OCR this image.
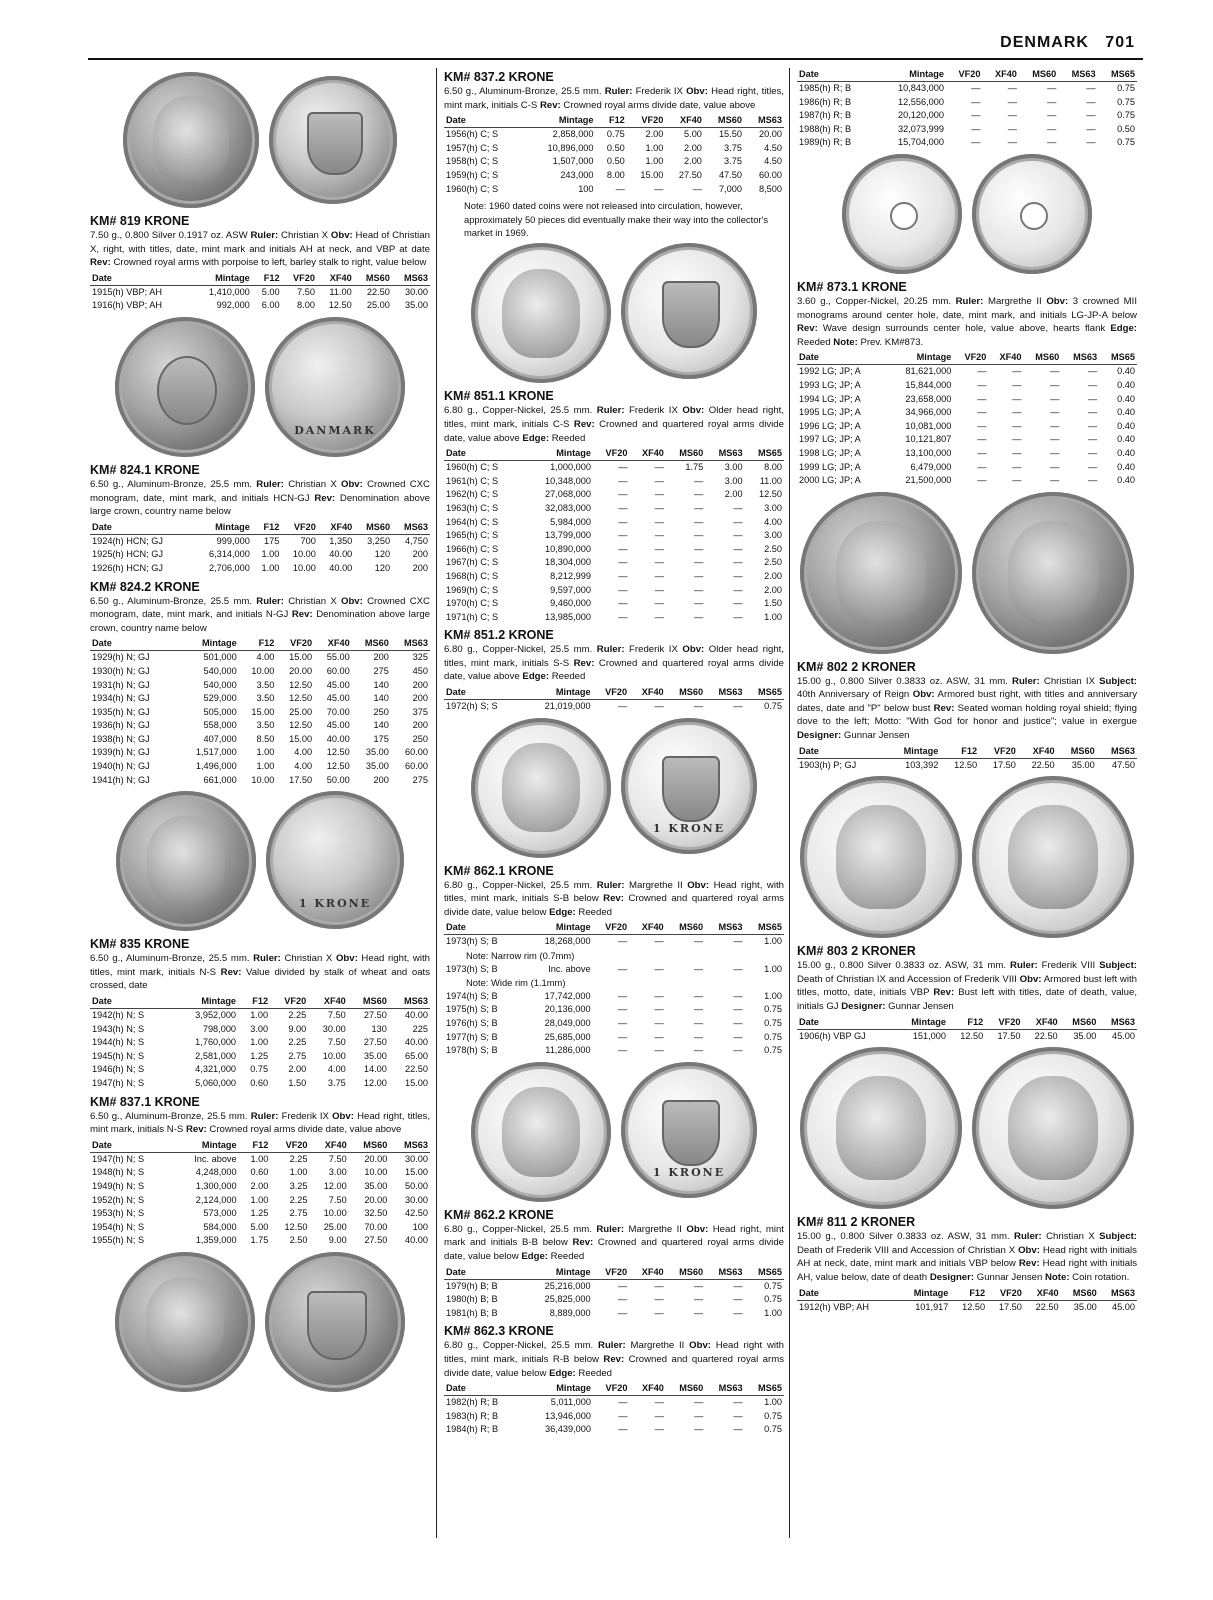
DENMARK 701
KM# 819 KRONE
7.50 g., 0.800 Silver 0.1917 oz. ASW Ruler: Christian X Obv: Head of Christian X, right, with titles, date, mint mark and initials AH at neck, and VBP at date Rev: Crowned royal arms with porpoise to left, barley stalk to right, value below
Date	Mintage	F12	VF20	XF40	MS60	MS63
1915(h) VBP; AH	1,410,000	5.00	7.50	11.00	22.50	30.00
1916(h) VBP; AH	992,000	6.00	8.00	12.50	25.00	35.00
DANMARK
KM# 824.1 KRONE
6.50 g., Aluminum-Bronze, 25.5 mm. Ruler: Christian X Obv: Crowned CXC monogram, date, mint mark, and initials HCN-GJ Rev: Denomination above large crown, country name below
Date	Mintage	F12	VF20	XF40	MS60	MS63
1924(h) HCN; GJ	999,000	175	700	1,350	3,250	4,750
1925(h) HCN; GJ	6,314,000	1.00	10.00	40.00	120	200
1926(h) HCN; GJ	2,706,000	1.00	10.00	40.00	120	200
KM# 824.2 KRONE
6.50 g., Aluminum-Bronze, 25.5 mm. Ruler: Christian X Obv: Crowned CXC monogram, date, mint mark, and initials N-GJ Rev: Denomination above large crown, country name below
Date	Mintage	F12	VF20	XF40	MS60	MS63
1929(h) N; GJ	501,000	4.00	15.00	55.00	200	325
1930(h) N; GJ	540,000	10.00	20.00	60.00	275	450
1931(h) N; GJ	540,000	3.50	12.50	45.00	140	200
1934(h) N; GJ	529,000	3.50	12.50	45.00	140	200
1935(h) N; GJ	505,000	15.00	25.00	70.00	250	375
1936(h) N; GJ	558,000	3.50	12.50	45.00	140	200
1938(h) N; GJ	407,000	8.50	15.00	40.00	175	250
1939(h) N; GJ	1,517,000	1.00	4.00	12.50	35.00	60.00
1940(h) N; GJ	1,496,000	1.00	4.00	12.50	35.00	60.00
1941(h) N; GJ	661,000	10.00	17.50	50.00	200	275
1 KRONE
KM# 835 KRONE
6.50 g., Aluminum-Bronze, 25.5 mm. Ruler: Christian X Obv: Head right, with titles, mint mark, initials N-S Rev: Value divided by stalk of wheat and oats crossed, date
Date	Mintage	F12	VF20	XF40	MS60	MS63
1942(h) N; S	3,952,000	1.00	2.25	7.50	27.50	40.00
1943(h) N; S	798,000	3.00	9.00	30.00	130	225
1944(h) N; S	1,760,000	1.00	2.25	7.50	27.50	40.00
1945(h) N; S	2,581,000	1.25	2.75	10.00	35.00	65.00
1946(h) N; S	4,321,000	0.75	2.00	4.00	14.00	22.50
1947(h) N; S	5,060,000	0.60	1.50	3.75	12.00	15.00
KM# 837.1 KRONE
6.50 g., Aluminum-Bronze, 25.5 mm. Ruler: Frederik IX Obv: Head right, titles, mint mark, initials N-S Rev: Crowned royal arms divide date, value above
Date	Mintage	F12	VF20	XF40	MS60	MS63
1947(h) N; S	Inc. above	1.00	2.25	7.50	20.00	30.00
1948(h) N; S	4,248,000	0.60	1.00	3.00	10.00	15.00
1949(h) N; S	1,300,000	2.00	3.25	12.00	35.00	50.00
1952(h) N; S	2,124,000	1.00	2.25	7.50	20.00	30.00
1953(h) N; S	573,000	1.25	2.75	10.00	32.50	42.50
1954(h) N; S	584,000	5.00	12.50	25.00	70.00	100
1955(h) N; S	1,359,000	1.75	2.50	9.00	27.50	40.00
KM# 837.2 KRONE
6.50 g., Aluminum-Bronze, 25.5 mm. Ruler: Frederik IX Obv: Head right, titles, mint mark, initials C-S Rev: Crowned royal arms divide date, value above
Date	Mintage	F12	VF20	XF40	MS60	MS63
1956(h) C; S	2,858,000	0.75	2.00	5.00	15.50	20.00
1957(h) C; S	10,896,000	0.50	1.00	2.00	3.75	4.50
1958(h) C; S	1,507,000	0.50	1.00	2.00	3.75	4.50
1959(h) C; S	243,000	8.00	15.00	27.50	47.50	60.00
1960(h) C; S	100	—	—	—	7,000	8,500
Note: 1960 dated coins were not released into circulation, however, approximately 50 pieces did eventually make their way into the collector's market in 1969.
KM# 851.1 KRONE
6.80 g., Copper-Nickel, 25.5 mm. Ruler: Frederik IX Obv: Older head right, titles, mint mark, initials C-S Rev: Crowned and quartered royal arms divide date, value above Edge: Reeded
Date	Mintage	VF20	XF40	MS60	MS63	MS65
1960(h) C; S	1,000,000	—	—	1.75	3.00	8.00
1961(h) C; S	10,348,000	—	—	—	3.00	11.00
1962(h) C; S	27,068,000	—	—	—	2.00	12.50
1963(h) C; S	32,083,000	—	—	—	—	3.00
1964(h) C; S	5,984,000	—	—	—	—	4.00
1965(h) C; S	13,799,000	—	—	—	—	3.00
1966(h) C; S	10,890,000	—	—	—	—	2.50
1967(h) C; S	18,304,000	—	—	—	—	2.50
1968(h) C; S	8,212,999	—	—	—	—	2.00
1969(h) C; S	9,597,000	—	—	—	—	2.00
1970(h) C; S	9,460,000	—	—	—	—	1.50
1971(h) C; S	13,985,000	—	—	—	—	1.00
KM# 851.2 KRONE
6.80 g., Copper-Nickel, 25.5 mm. Ruler: Frederik IX Obv: Older head right, titles, mint mark, initials S-S Rev: Crowned and quartered royal arms divide date, value above Edge: Reeded
Date	Mintage	VF20	XF40	MS60	MS63	MS65
1972(h) S; S	21,019,000	—	—	—	—	0.75
1 KRONE
KM# 862.1 KRONE
6.80 g., Copper-Nickel, 25.5 mm. Ruler: Margrethe II Obv: Head right, with titles, mint mark, initials S-B below Rev: Crowned and quartered royal arms divide date, value below Edge: Reeded
Date	Mintage	VF20	XF40	MS60	MS63	MS65
1973(h) S; B	18,268,000	—	—	—	—	1.00
Note: Narrow rim (0.7mm)						
1973(h) S; B	Inc. above	—	—	—	—	1.00
Note: Wide rim (1.1mm)						
1974(h) S; B	17,742,000	—	—	—	—	1.00
1975(h) S; B	20,136,000	—	—	—	—	0.75
1976(h) S; B	28,049,000	—	—	—	—	0.75
1977(h) S; B	25,685,000	—	—	—	—	0.75
1978(h) S; B	11,286,000	—	—	—	—	0.75
1 KRONE
KM# 862.2 KRONE
6.80 g., Copper-Nickel, 25.5 mm. Ruler: Margrethe II Obv: Head right, mint mark and initials B-B below Rev: Crowned and quartered royal arms divide date, value below Edge: Reeded
Date	Mintage	VF20	XF40	MS60	MS63	MS65
1979(h) B; B	25,216,000	—	—	—	—	0.75
1980(h) B; B	25,825,000	—	—	—	—	0.75
1981(h) B; B	8,889,000	—	—	—	—	1.00
KM# 862.3 KRONE
6.80 g., Copper-Nickel, 25.5 mm. Ruler: Margrethe II Obv: Head right with titles, mint mark, initials R-B below Rev: Crowned and quartered royal arms divide date, value below Edge: Reeded
Date	Mintage	VF20	XF40	MS60	MS63	MS65
1982(h) R; B	5,011,000	—	—	—	—	1.00
1983(h) R; B	13,946,000	—	—	—	—	0.75
1984(h) R; B	36,439,000	—	—	—	—	0.75
Date	Mintage	VF20	XF40	MS60	MS63	MS65
1985(h) R; B	10,843,000	—	—	—	—	0.75
1986(h) R; B	12,556,000	—	—	—	—	0.75
1987(h) R; B	20,120,000	—	—	—	—	0.75
1988(h) R; B	32,073,999	—	—	—	—	0.50
1989(h) R; B	15,704,000	—	—	—	—	0.75
KM# 873.1 KRONE
3.60 g., Copper-Nickel, 20.25 mm. Ruler: Margrethe II Obv: 3 crowned MII monograms around center hole, date, mint mark, and initials LG-JP-A below Rev: Wave design surrounds center hole, value above, hearts flank Edge: Reeded Note: Prev. KM#873.
Date	Mintage	VF20	XF40	MS60	MS63	MS65
1992 LG; JP; A	81,621,000	—	—	—	—	0.40
1993 LG; JP; A	15,844,000	—	—	—	—	0.40
1994 LG; JP; A	23,658,000	—	—	—	—	0.40
1995 LG; JP; A	34,966,000	—	—	—	—	0.40
1996 LG; JP; A	10,081,000	—	—	—	—	0.40
1997 LG; JP; A	10,121,807	—	—	—	—	0.40
1998 LG; JP; A	13,100,000	—	—	—	—	0.40
1999 LG; JP; A	6,479,000	—	—	—	—	0.40
2000 LG; JP; A	21,500,000	—	—	—	—	0.40
KM# 802 2 KRONER
15.00 g., 0.800 Silver 0.3833 oz. ASW, 31 mm. Ruler: Christian IX Subject: 40th Anniversary of Reign Obv: Armored bust right, with titles and anniversary dates, date and "P" below bust Rev: Seated woman holding royal shield; flying dove to the left; Motto: "With God for honor and justice"; value in exergue Designer: Gunnar Jensen
Date	Mintage	F12	VF20	XF40	MS60	MS63
1903(h) P; GJ	103,392	12.50	17.50	22.50	35.00	47.50
KM# 803 2 KRONER
15.00 g., 0.800 Silver 0.3833 oz. ASW, 31 mm. Ruler: Frederik VIII Subject: Death of Christian IX and Accession of Frederik VIII Obv: Armored bust left with titles, motto, date, initials VBP Rev: Bust left with titles, date of death, value, initials GJ Designer: Gunnar Jensen
Date	Mintage	F12	VF20	XF40	MS60	MS63
1906(h) VBP GJ	151,000	12.50	17.50	22.50	35.00	45.00
KM# 811 2 KRONER
15.00 g., 0.800 Silver 0.3833 oz. ASW, 31 mm. Ruler: Christian X Subject: Death of Frederik VIII and Accession of Christian X Obv: Head right with initials AH at neck, date, mint mark and initials VBP below Rev: Head right with initials AH, value below, date of death Designer: Gunnar Jensen Note: Coin rotation.
Date	Mintage	F12	VF20	XF40	MS60	MS63
1912(h) VBP; AH	101,917	12.50	17.50	22.50	35.00	45.00
